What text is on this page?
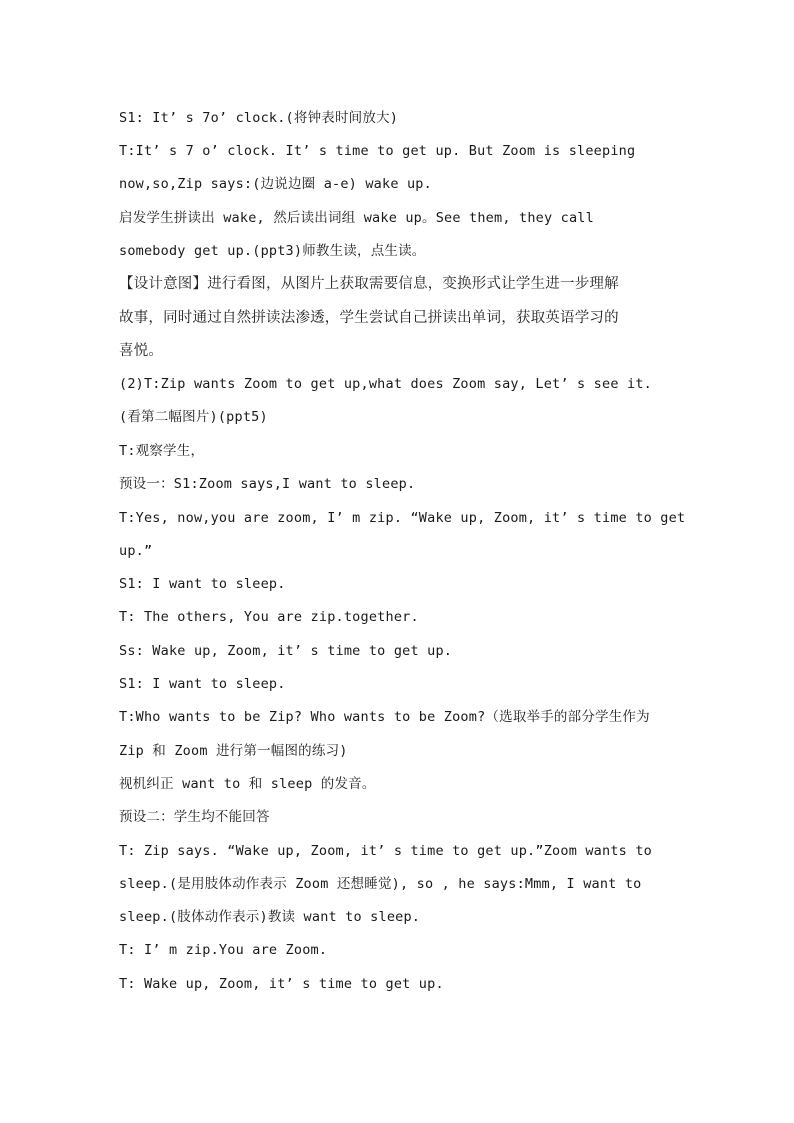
S1: It’ s 7o’ clock.(将钟表时间放大)
T:It’ s 7 o’ clock. It’ s time to get up. But Zoom is sleeping
now,so,Zip says:(边说边圈 a-e) wake up.
启发学生拼读出 wake, 然后读出词组 wake up。See them, they call
somebody get up.(ppt3)师教生读，点生读。
【设计意图】进行看图，从图片上获取需要信息，变换形式让学生进一步理解
故事，同时通过自然拼读法渗透，学生尝试自己拼读出单词，获取英语学习的
喜悦。
(2)T:Zip wants Zoom to get up,what does Zoom say, Let’ s see it.
(看第二幅图片)(ppt5)
T:观察学生，
预设一：S1:Zoom says,I want to sleep.
T:Yes, now,you are zoom, I’ m zip. “Wake up, Zoom, it’ s time to get
up.”
S1: I want to sleep.
T: The others, You are zip.together.
Ss: Wake up, Zoom, it’ s time to get up.
S1: I want to sleep.
T:Who wants to be Zip? Who wants to be Zoom?（选取举手的部分学生作为
Zip 和 Zoom 进行第一幅图的练习)
视机纠正 want to 和 sleep 的发音。
预设二：学生均不能回答
T: Zip says. “Wake up, Zoom, it’ s time to get up.”Zoom wants to
sleep.(是用肢体动作表示 Zoom 还想睡觉), so , he says:Mmm, I want to
sleep.(肢体动作表示)教读 want to sleep.
T: I’ m zip.You are Zoom.
T: Wake up, Zoom, it’ s time to get up.
